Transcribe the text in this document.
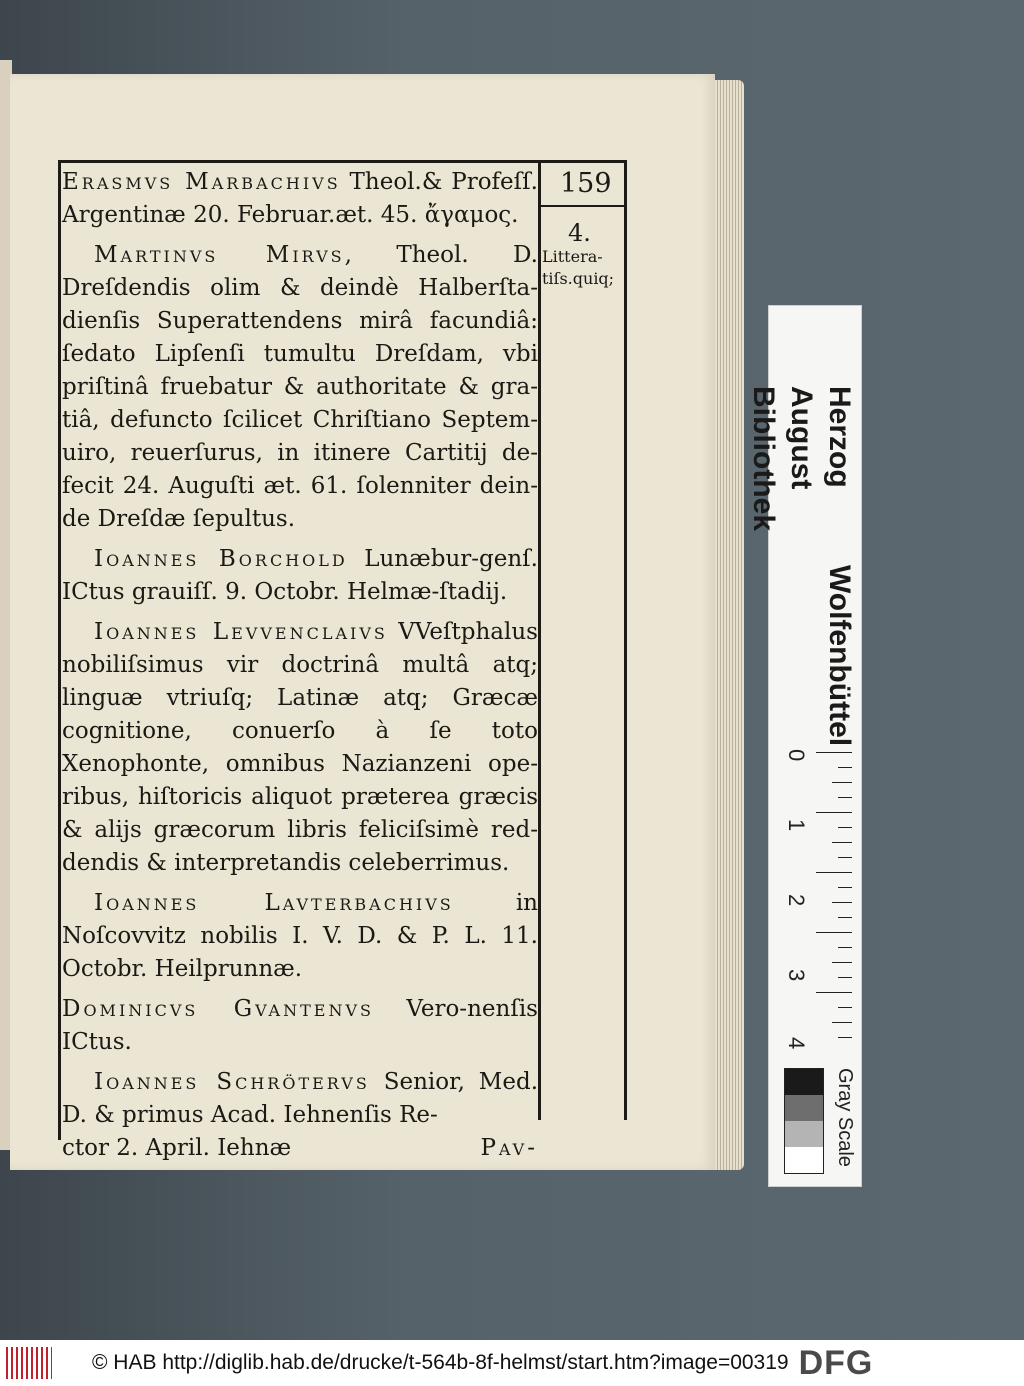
159
4.
Littera-tiſs.quiq;

Erasmvs Marbachivs Theol.& Profeſſ. Argentinæ 20. Februar.æt. 45. ἄγαμος.

Martinvs Mirvs, Theol. D. Dreſdendis olim & deindè Halberſta-dienſis Superattendens mirâ facundiâ: ſedato Lipſenſi tumultu Dreſdam, vbi priſtinâ fruebatur & authoritate & gra-tiâ, defuncto ſcilicet Chriſtiano Septem-uiro, reuerſurus, in itinere Cartitij de-fecit 24. Auguſti æt. 61. ſolenniter dein-de Dreſdæ ſepultus.

Ioannes Borchold Lunæbur-genſ. ICtus grauiſſ. 9. Octobr. Helmæ-ſtadij.

Ioannes Levvenclaivs VVeſtphalus nobiliſsimus vir doctrinâ multâ atq; linguæ vtriuſq; Latinæ atq; Græcæ cognitione, conuerſo à ſe toto Xenophonte, omnibus Nazianzeni ope-ribus, hiſtoricis aliquot præterea græcis & alijs græcorum libris feliciſsimè red-dendis & interpretandis celeberrimus.

Ioannes Lavterbachivs in Noſcovvitz nobilis I. V. D. & P. L. 11. Octobr. Heilprunnæ.

Dominicvs Gvantenvs Vero-nenſis ICtus.

Ioannes Schrötervs Senior, Med. D. & primus Acad. Iehnenſis Re-

ctor 2. April. Iehnæ	Pav-
Herzog August Bibliothek
Wolfenbüttel
0
1
2
3
4
Gray Scale
© HAB http://diglib.hab.de/drucke/t-564b-8f-helmst/start.htm?image=00319 DFG
